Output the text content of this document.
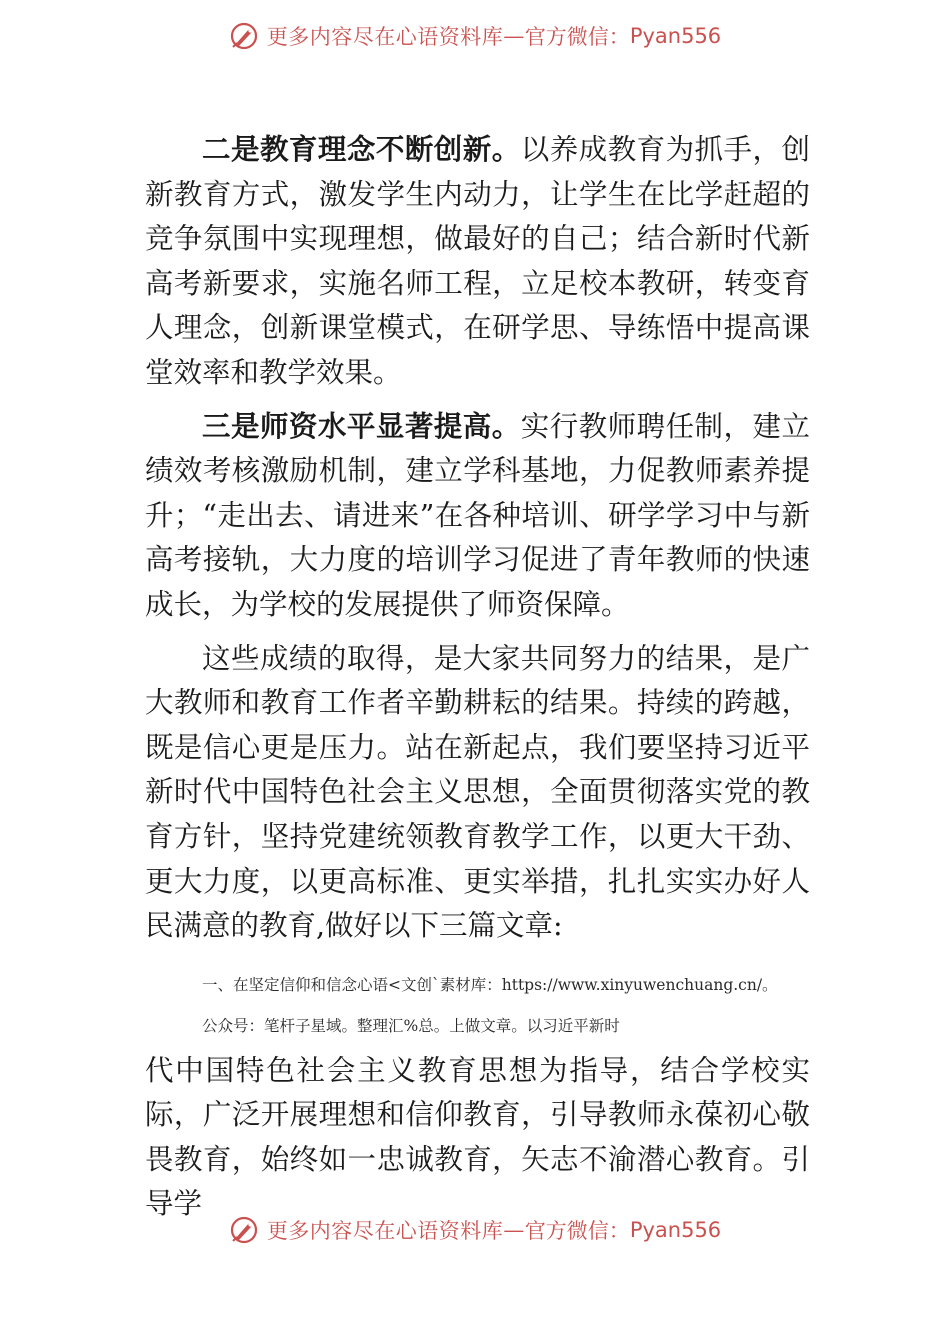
更多内容尽在心语资料库 — 官方微信： Pyan556

二是教育理念不断创新。以养成教育为抓手，创新教育方式，激发学生内动力，让学生在比学赶超的竞争氛围中实现理想，做最好的自己；结合新时代新高考新要求，实施名师工程，立足校本教研，转变育人理念，创新课堂模式，在研学思、导练悟中提高课堂效率和教学效果。

三是师资水平显著提高。实行教师聘任制，建立绩效考核激励机制，建立学科基地，力促教师素养提升；“走出去、请进来”在各种培训、研学学习中与新高考接轨，大力度的培训学习促进了青年教师的快速成长，为学校的发展提供了师资保障。

这些成绩的取得，是大家共同努力的结果，是广大教师和教育工作者辛勤耕耘的结果。持续的跨越，既是信心更是压力。站在新起点，我们要坚持习近平新时代中国特色社会主义思想，全面贯彻落实党的教育方针，坚持党建统领教育教学工作，以更大干劲、更大力度，以更高标准、更实举措，扎扎实实办好人民满意的教育,做好以下三篇文章:

一、在坚定信仰和信念心语<文创`素材库：https://www.xinyuwenchuang.cn/。

公众号：笔杆子星域。整理汇%总。上做文章。以习近平新时

代中国特色社会主义教育思想为指导，结合学校实际，广泛开展理想和信仰教育，引导教师永葆初心敬畏教育，始终如一忠诚教育，矢志不渝潜心教育。引导学

更多内容尽在心语资料库 — 官方微信： Pyan556
